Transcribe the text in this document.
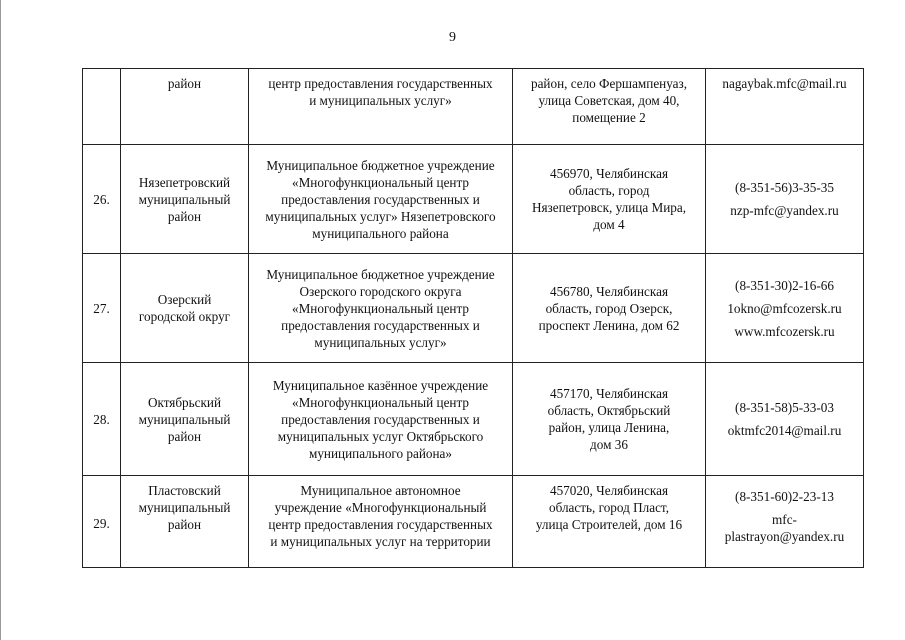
9

	район	центр предоставления государственных
и муниципальных услуг»	район, село Фершампенуаз,
улица Советская, дом 40,
помещение 2	nagaybak.mfc@mail.ru

26.	Нязепетровский
муниципальный
район	Муниципальное бюджетное учреждение
«Многофункциональный центр
предоставления государственных и
муниципальных услуг» Нязепетровского
муниципального района	456970, Челябинская
область, город
Нязепетровск, улица Мира,
дом 4	(8-351-56)3-35-35
nzp-mfc@yandex.ru

27.	Озерский
городской округ	Муниципальное бюджетное учреждение
Озерского городского округа
«Многофункциональный центр
предоставления государственных и
муниципальных услуг»	456780, Челябинская
область, город Озерск,
проспект Ленина, дом 62	(8-351-30)2-16-66
1okno@mfcozersk.ru
www.mfcozersk.ru

28.	Октябрьский
муниципальный
район	Муниципальное казённое учреждение
«Многофункциональный центр
предоставления государственных и
муниципальных услуг Октябрьского
муниципального района»	457170, Челябинская
область, Октябрьский
район, улица Ленина,
дом 36	(8-351-58)5-33-03
oktmfc2014@mail.ru

29.	Пластовский
муниципальный
район	Муниципальное автономное
учреждение «Многофункциональный
центр предоставления государственных
и муниципальных услуг на территории	457020, Челябинская
область, город Пласт,
улица Строителей, дом 16	(8-351-60)2-23-13
mfc-
plastrayon@yandex.ru
